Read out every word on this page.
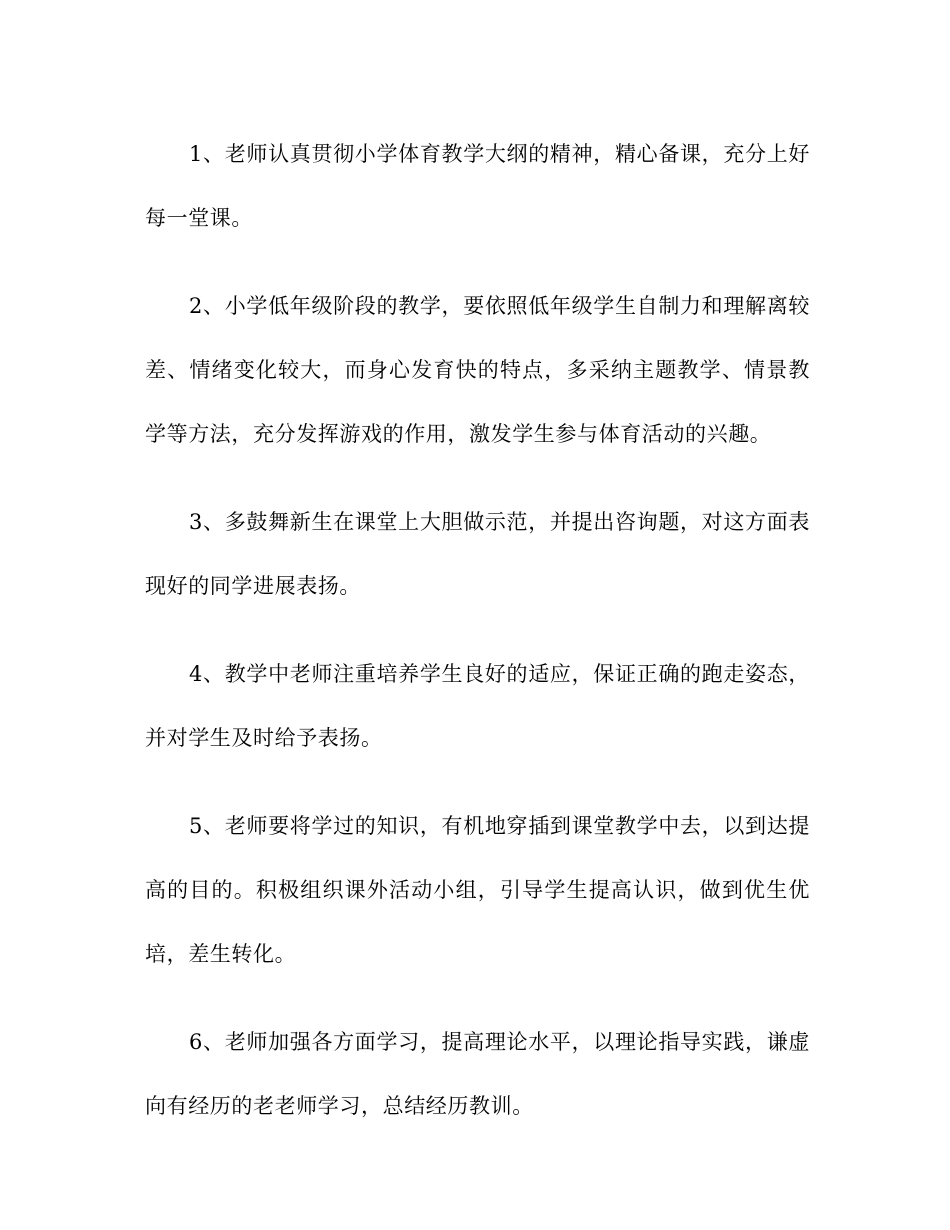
1、老师认真贯彻小学体育教学大纲的精神，精心备课，充分上好每一堂课。

2、小学低年级阶段的教学，要依照低年级学生自制力和理解离较差、情绪变化较大，而身心发育快的特点，多采纳主题教学、情景教学等方法，充分发挥游戏的作用，激发学生参与体育活动的兴趣。

3、多鼓舞新生在课堂上大胆做示范，并提出咨询题，对这方面表现好的同学进展表扬。

4、教学中老师注重培养学生良好的适应，保证正确的跑走姿态，并对学生及时给予表扬。

5、老师要将学过的知识，有机地穿插到课堂教学中去，以到达提高的目的。积极组织课外活动小组，引导学生提高认识，做到优生优培，差生转化。

6、老师加强各方面学习，提高理论水平，以理论指导实践，谦虚向有经历的老老师学习，总结经历教训。
